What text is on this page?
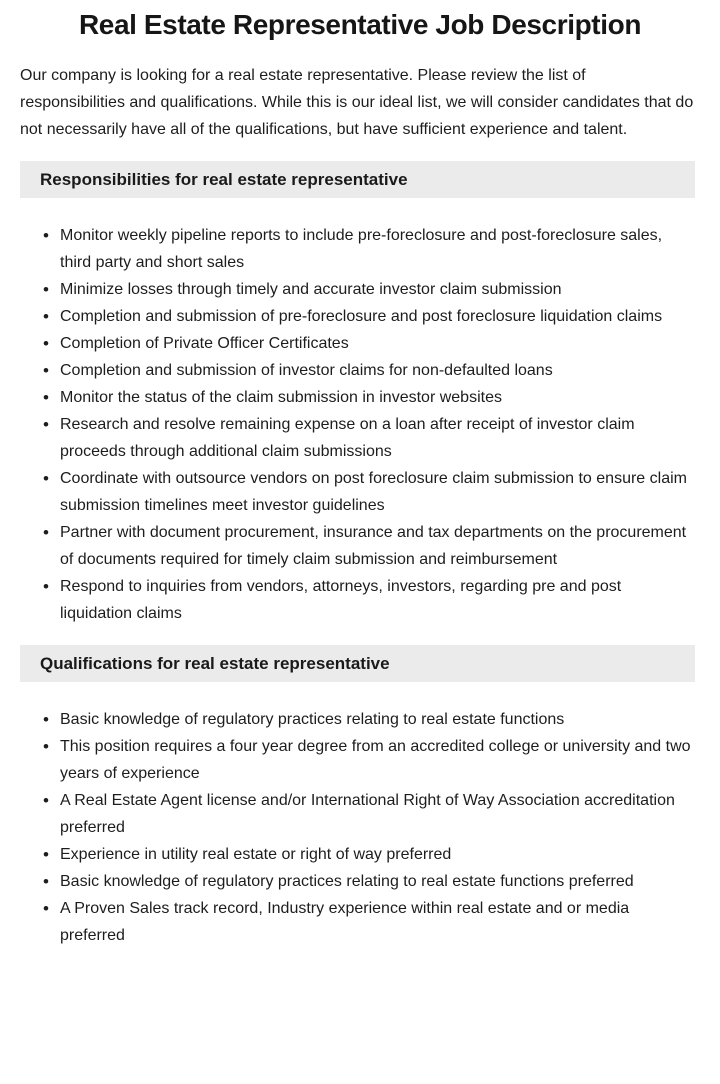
Real Estate Representative Job Description

Our company is looking for a real estate representative. Please review the list of responsibilities and qualifications. While this is our ideal list, we will consider candidates that do not necessarily have all of the qualifications, but have sufficient experience and talent.

Responsibilities for real estate representative
• Monitor weekly pipeline reports to include pre-foreclosure and post-foreclosure sales, third party and short sales
• Minimize losses through timely and accurate investor claim submission
• Completion and submission of pre-foreclosure and post foreclosure liquidation claims
• Completion of Private Officer Certificates
• Completion and submission of investor claims for non-defaulted loans
• Monitor the status of the claim submission in investor websites
• Research and resolve remaining expense on a loan after receipt of investor claim proceeds through additional claim submissions
• Coordinate with outsource vendors on post foreclosure claim submission to ensure claim submission timelines meet investor guidelines
• Partner with document procurement, insurance and tax departments on the procurement of documents required for timely claim submission and reimbursement
• Respond to inquiries from vendors, attorneys, investors, regarding pre and post liquidation claims
Qualifications for real estate representative
• Basic knowledge of regulatory practices relating to real estate functions
• This position requires a four year degree from an accredited college or university and two years of experience
• A Real Estate Agent license and/or International Right of Way Association accreditation preferred
• Experience in utility real estate or right of way preferred
• Basic knowledge of regulatory practices relating to real estate functions preferred
• A Proven Sales track record, Industry experience within real estate and or media preferred
